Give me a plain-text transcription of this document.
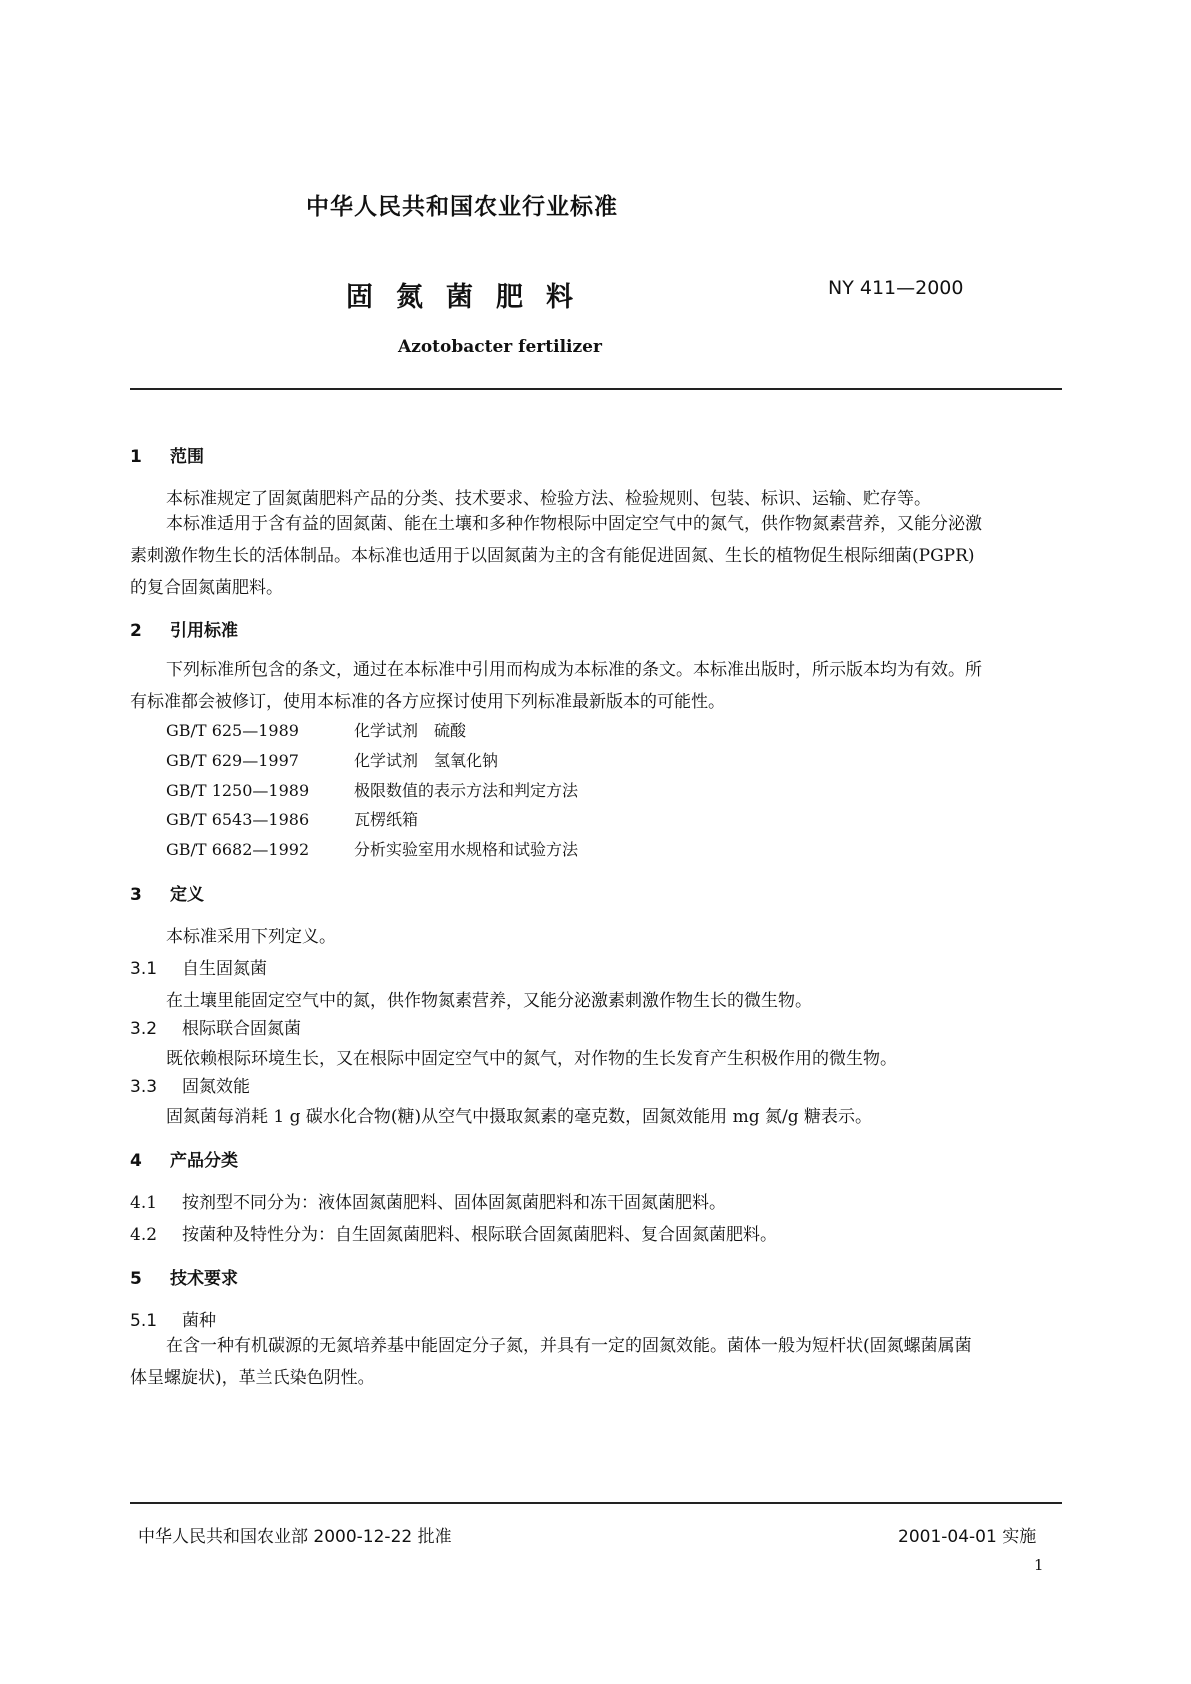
中华人民共和国农业行业标准
固氮菌肥料	NY 411—2000
Azotobacter fertilizer
1 范围
本标准规定了固氮菌肥料产品的分类、技术要求、检验方法、检验规则、包装、标识、运输、贮存等。
本标准适用于含有益的固氮菌、能在土壤和多种作物根际中固定空气中的氮气，供作物氮素营养，又能分泌激素刺激作物生长的活体制品。本标准也适用于以固氮菌为主的含有能促进固氮、生长的植物促生根际细菌(PGPR)的复合固氮菌肥料。
2 引用标准
下列标准所包含的条文，通过在本标准中引用而构成为本标准的条文。本标准出版时，所示版本均为有效。所有标准都会被修订，使用本标准的各方应探讨使用下列标准最新版本的可能性。
GB/T 625—1989	化学试剂　硫酸
GB/T 629—1997	化学试剂　氢氧化钠
GB/T 1250—1989	极限数值的表示方法和判定方法
GB/T 6543—1986	瓦楞纸箱
GB/T 6682—1992	分析实验室用水规格和试验方法
3 定义
本标准采用下列定义。
3.1 自生固氮菌
在土壤里能固定空气中的氮，供作物氮素营养，又能分泌激素刺激作物生长的微生物。
3.2 根际联合固氮菌
既依赖根际环境生长，又在根际中固定空气中的氮气，对作物的生长发育产生积极作用的微生物。
3.3 固氮效能
固氮菌每消耗 1 g 碳水化合物(糖)从空气中摄取氮素的毫克数，固氮效能用 mg 氮/g 糖表示。
4 产品分类
4.1 按剂型不同分为：液体固氮菌肥料、固体固氮菌肥料和冻干固氮菌肥料。
4.2 按菌种及特性分为：自生固氮菌肥料、根际联合固氮菌肥料、复合固氮菌肥料。
5 技术要求
5.1 菌种
在含一种有机碳源的无氮培养基中能固定分子氮，并具有一定的固氮效能。菌体一般为短杆状(固氮螺菌属菌体呈螺旋状)，革兰氏染色阴性。
中华人民共和国农业部 2000-12-22 批准	2001-04-01 实施
1
